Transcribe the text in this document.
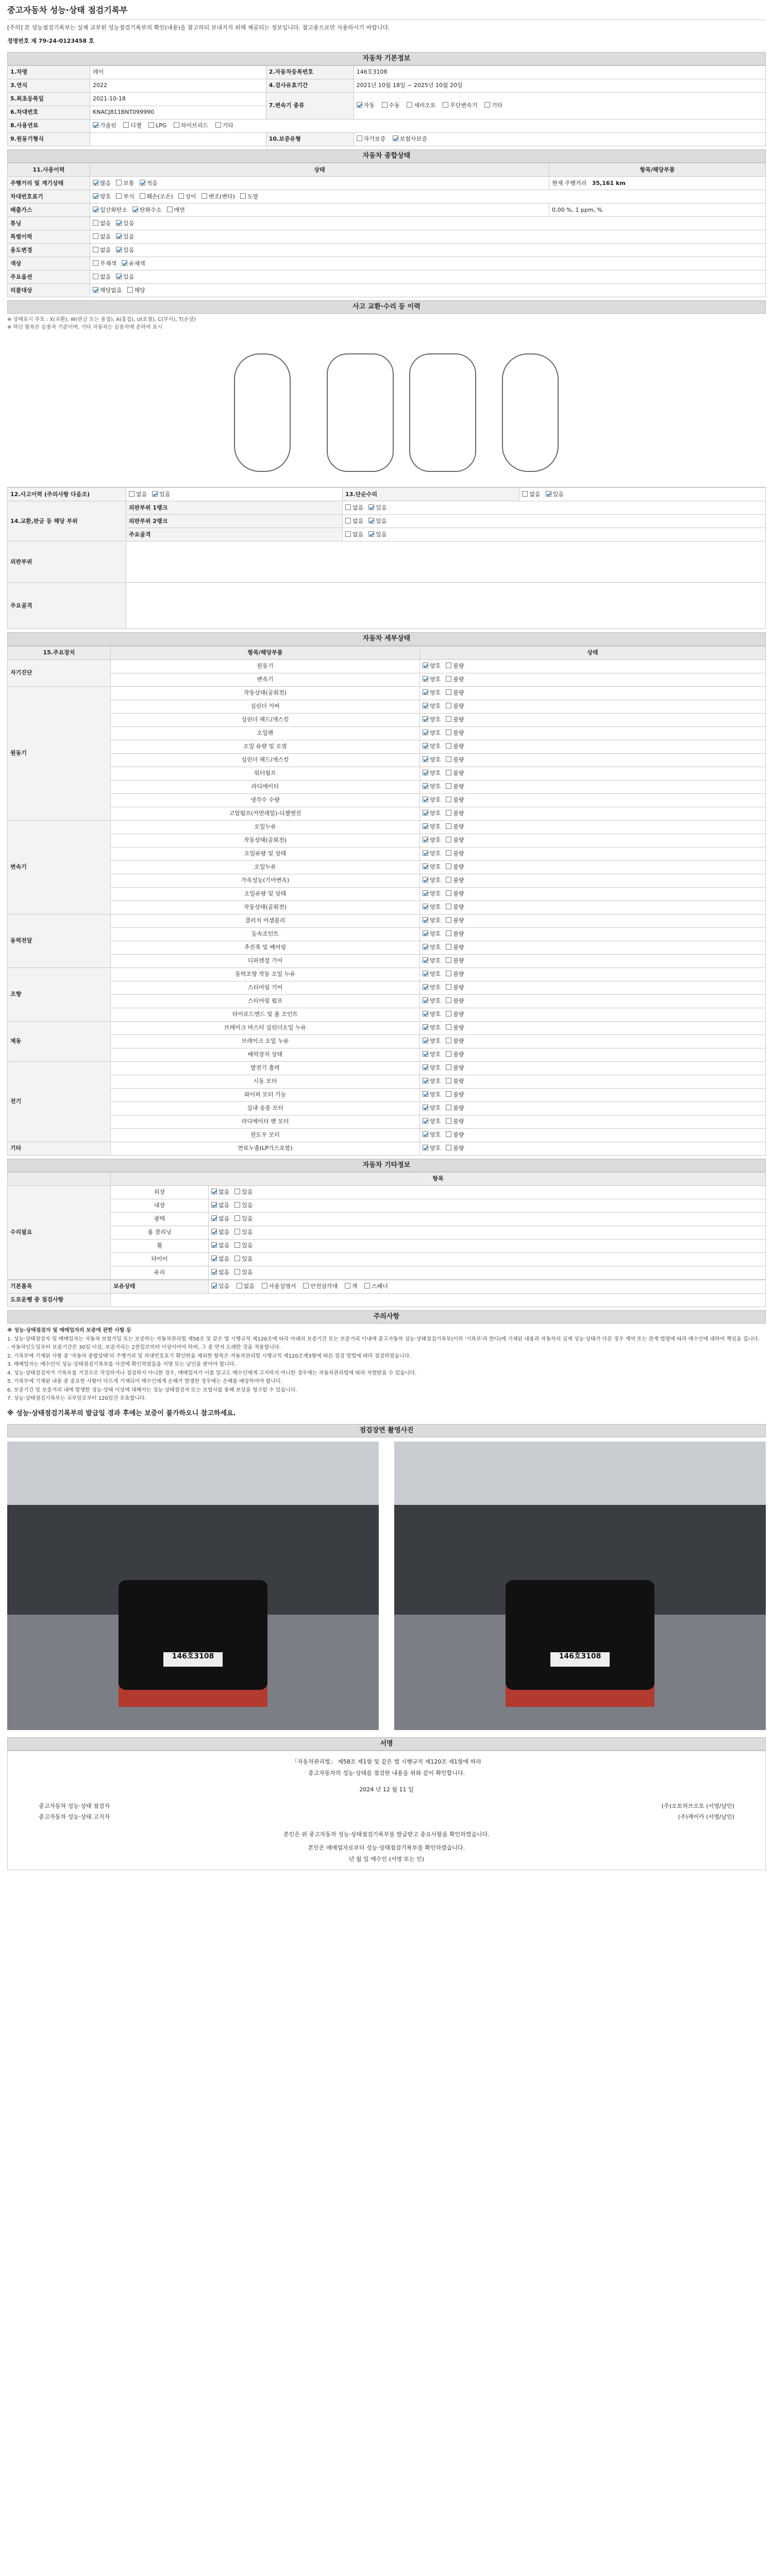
중고자동차 성능·상태 점검기록부
[주의] 본 성능점검기록부는 실제 교부된 성능점검기록부의 확인(내용)을 참고하되 보내지지 위해 제공되는 정보입니다. 참고용으로만 사용하시기 바랍니다.
정명번호 제 79-24-0123458 호
자동차 기본정보
1.차명	레이	2.자동차등록번호	146호3108
3.연식	2022	4.검사유효기간	2021년 10월 18일 ~ 2025년 10월 20일
5.최초등록일	2021-10-18	7.변속기 종류	자동 수동 세미오토 무단변속기 기타
6.차대번호	KNACJ811BNT099990		
8.사용연료	가솔린 디젤 LPG 하이브리드 기타		
9.원동기형식		10.보증유형	자가보증 보험사보증
자동차 종합상태
11.사용이력	상태	항목/해당부품
주행거리 및 계기상태	많음 보통 적음	현재 주행거리 35,161 km
차대번호표기	양호 부식 훼손(오손) 상이 변조(변타) 도말	
배출가스	일산화탄소 탄화수소 매연	0.00 %, 1 ppm, %
튜닝	없음 있음	
특별이력	없음 있음	
용도변경	없음 있음	
색상	무채색 유채색	
주요옵션	없음 있음	
리콜대상	해당없음 해당	
사고 교환·수리 등 이력
※ 상태표시 부호 : X(교환), W(판금 또는 용접), A(흠집), U(요철), C(부식), T(손상)
※ 하단 항목은 승용차 기준이며, 기타 자동차는 승용차에 준하여 표시
12.사고이력 (주의사항 다음조)	없음 있음	13.단순수리	없음 있음
14.교환,판금 등 해당 부위	외판부위 1랭크	없음 있음	
	외판부위 2랭크	없음 있음	
	주요골격	없음 있음	
외판부위			
주요골격			
자동차 세부상태
15.주요장치	항목/해당부품	상태
자기진단	원동기	양호 불량
	변속기	양호 불량
원동기	작동상태(공회전)	양호 불량
	실린더 커버	양호 불량
	실린더 헤드/개스킷	양호 불량
	오일팬	양호 불량
	오일 유량 및 오염	양호 불량
	실린더 헤드/개스킷	양호 불량
	워터펌프	양호 불량
	라디에이터	양호 불량
	냉각수 수량	양호 불량
	고압펌프(커먼레일)-디젤엔진	양호 불량
변속기	오일누유	양호 불량
	작동상태(공회전)	양호 불량
	오일유량 및 상태	양호 불량
	오일누유	양호 불량
	가속성능(기어변속)	양호 불량
	오일유량 및 상태	양호 불량
	작동상태(공회전)	양호 불량
동력전달	클러치 어셈블리	양호 불량
	등속조인트	양호 불량
	추진축 및 베어링	양호 불량
	디퍼렌셜 기어	양호 불량
조향	동력조향 작동 오일 누유	양호 불량
	스티어링 기어	양호 불량
	스티어링 펌프	양호 불량
	타이로드엔드 및 볼 조인트	양호 불량
제동	브레이크 마스터 실린더오일 누유	양호 불량
	브레이크 오일 누유	양호 불량
	배력장치 상태	양호 불량
전기	발전기 출력	양호 불량
	시동 모터	양호 불량
	와이퍼 모터 기능	양호 불량
	실내 송풍 모터	양호 불량
	라디에이터 팬 모터	양호 불량
	윈도우 모터	양호 불량
기타	연료누출(LP가스포함)	양호 불량
자동차 기타정보
	항목	
수리필요	외장	없음 있음
	내장	없음 있음
	광택	없음 있음
	룸 클리닝	없음 있음
	휠	없음 있음
	타이어	없음 있음
	유리	없음 있음
기본품목	보유상태	있음 없음 사용설명서 안전삼각대 잭 스패너
도로운행 중 점검사항		
주의사항

※ 성능·상태점검자 및 매매업자의 보증에 관한 사항 등

1. 성능·상태점검자 및 매매업자는 자동차 보험가입 또는 보증하는 자동차관리법 제58조 및 같은 법 시행규칙 제120조에 따라 아래의 보증기간 또는 보증거리 이내에 중고자동차 성능·상태점검기록부(이하 '기록부'라 한다)에 기재된 내용과 자동차의 실제 성능·상태가 다른 경우 계약 또는 관계 법령에 따라 매수인에 대하여 책임을 집니다.

- 자동차인도일부터 보증기간은 30일 이상, 보증거리는 2천킬로미터 이상이어야 하며, 그 중 먼저 도래한 것을 적용합니다.

2. 기록부에 기재된 사항 중 '자동차 종합상태'의 주행거리 및 차대번호표기 확인란을 제외한 항목은 자동차관리법 시행규칙 제120조제3항에 따른 점검 방법에 따라 점검하였습니다.

3. 매매업자는 매수인이 성능·상태점검기록부를 사전에 확인하였음을 서명 또는 날인을 받아야 합니다.

4. 성능·상태점검자가 기록부를 거짓으로 작성하거나 점검하지 아니한 경우, 매매업자가 이를 알고도 매수인에게 고지하지 아니한 경우에는 자동차관리법에 따라 처벌받을 수 있습니다.

5. 기록부에 기재된 내용 중 중요한 사항이 다르게 기재되어 매수인에게 손해가 발생한 경우에는 손해를 배상하여야 합니다.

6. 보증기간 및 보증거리 내에 발생한 성능·상태 이상에 대해서는 성능·상태점검자 또는 보험사를 통해 보상을 청구할 수 있습니다.

7. 성능·상태점검기록부는 교부일로부터 120일간 유효합니다.

※ 성능·상태점검기록부의 발급일 경과 후에는 보증이 불가하오니 참고하세요.
점검장면 촬영사진
146호3108	146호3108
서명
「자동차관리법」 제58조 제1항 및 같은 법 시행규칙 제120조 제1항에 따라
중고자동차의 성능·상태를 점검한 내용을 위와 같이 확인합니다.
2024 년 12 월 11 일
중고자동차 성능·상태 점검자	(주)오토허브오토 (서명/날인)
중고자동차 성능·상태 고지자	(주)케이카 (서명/날인)
본인은 위 중고자동차 성능·상태점검기록부를 발급받고 중요사항을 확인하였습니다.
본인은 매매업자로부터 성능·상태점검기록부를 확인하였습니다.
년 월 일 매수인 (서명 또는 인)
